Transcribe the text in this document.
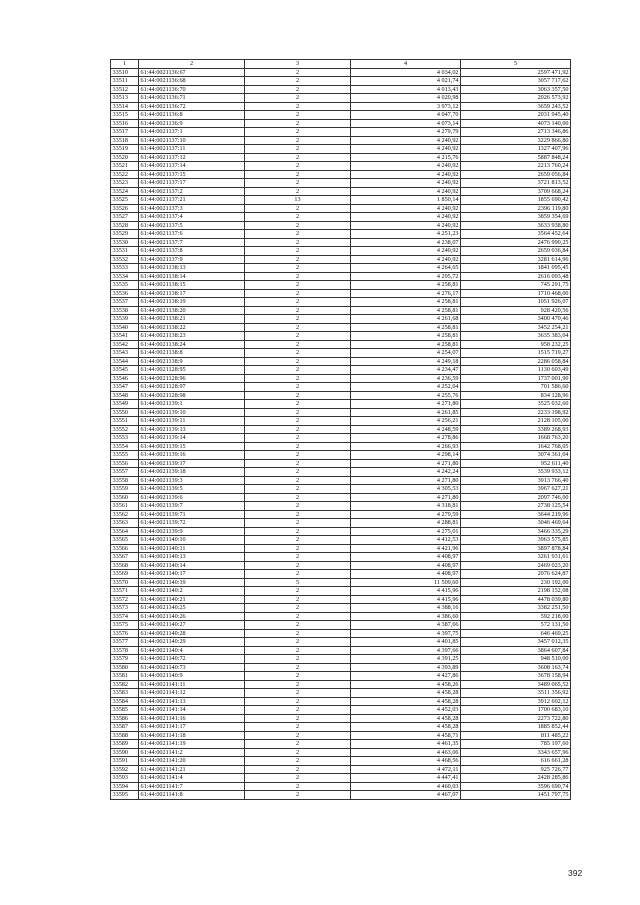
1	2	3	4	5
33510	61:44:0021136:67	2	4 034,02	2597 471,92
33511	61:44:0021136:68	2	4 021,74	3057 717,62
33512	61:44:0021136:70	2	4 013,43	3063 357,50
33513	61:44:0021136:71	2	4 020,98	2026 573,92
33514	61:44:0021136:72	2	3 973,12	3659 243,52
33515	61:44:0021136:8	2	4 047,70	2031 945,40
33516	61:44:0021136:9	2	4 073,14	4073 140,00
33517	61:44:0021137:1	2	4 279,79	2713 346,86
33518	61:44:0021137:10	2	4 240,92	3229 866,80
33519	61:44:0021137:11	2	4 240,92	1327 407,96
33520	61:44:0021137:12	2	4 215,76	5887 848,24
33521	61:44:0021137:14	2	4 240,92	2213 760,24
33522	61:44:0021137:15	2	4 240,92	2659 056,84
33523	61:44:0021137:17	2	4 240,92	3721 813,52
33524	61:44:0021137:2	2	4 240,92	3709 668,24
33525	61:44:0021137:21	13	1 850,14	1855 690,42
33526	61:44:0021137:3	2	4 240,92	2396 119,80
33527	61:44:0021137:4	2	4 240,92	3859 354,69
33528	61:44:0021137:5	2	4 240,92	3633 938,80
33529	61:44:0021137:6	2	4 251,23	3564 452,64
33530	61:44:0021137:7	2	4 238,07	2476 990,25
33531	61:44:0021137:8	2	4 240,92	2659 036,84
33532	61:44:0021137:9	2	4 240,92	3281 614,96
33533	61:44:0021138:13	2	4 264,65	1841 095,45
33534	61:44:0021138:14	2	4 295,72	2616 093,48
33535	61:44:0021138:15	2	4 258,81	745 291,75
33536	61:44:0021138:17	2	4 276,17	1710 468,00
33537	61:44:0021138:19	2	4 258,81	1051 926,07
33538	61:44:0021138:20	2	4 258,81	928 420,56
33539	61:44:0021138:21	2	4 261,68	3400 470,46
33540	61:44:0021138:22	2	4 258,81	3452 254,21
33541	61:44:0021138:23	2	4 258,81	3635 383,04
33542	61:44:0021138:24	2	4 258,81	958 232,25
33543	61:44:0021138:8	2	4 254,07	1515 719,27
33544	61:44:0021138:9	2	4 249,18	2286 058,84
33545	61:44:0021128:95	2	4 234,47	1130 603,49
33546	61:44:0021128:96	2	4 236,59	1737 001,90
33547	61:44:0021128:97	2	4 252,04	701 586,60
33548	61:44:0021128:98	2	4 255,76	834 128,96
33549	61:44:0021139:1	2	4 271,80	3525 032,60
33550	61:44:0021139:10	2	4 261,85	2233 198,92
33551	61:44:0021139:11	2	4 256,21	2128 105,00
33552	61:44:0021139:13	2	4 248,59	3389 268,93
33553	61:44:0021139:14	2	4 278,86	1668 763,20
33554	61:44:0021139:15	2	4 266,93	1642 768,05
33555	61:44:0021139:16	2	4 298,14	3074 361,04
33556	61:44:0021139:17	2	4 271,80	952 611,40
33557	61:44:0021139:18	2	4 242,24	3539 933,12
33558	61:44:0021139:3	2	4 271,80	3913 766,40
33559	61:44:0021139:5	2	4 305,53	3967 627,21
33560	61:44:0021139:6	2	4 271,80	2097 746,00
33561	61:44:0021139:7	2	4 318,81	2738 125,54
33562	61:44:0021139:71	2	4 279,59	3644 219,96
33563	61:44:0021139:72	2	4 288,81	3046 469,64
33564	61:44:0021139:9	2	4 275,01	3466 335,29
33565	61:44:0021140:10	2	4 412,53	3963 575,85
33566	61:44:0021140:11	2	4 421,96	3897 878,84
33567	61:44:0021140:13	2	4 408,97	3261 931,61
33568	61:44:0021140:14	2	4 408,97	2469 023,20
33569	61:44:0021140:17	2	4 408,97	2076 624,87
33570	61:44:0021140:19	5	11 509,60	230 192,00
33571	61:44:0021140:2	2	4 415,96	2198 152,08
33572	61:44:0021140:21	2	4 415,96	4478 039,80
33573	61:44:0021140:25	2	4 388,16	3382 251,50
33574	61:44:0021140:26	2	4 386,60	592 218,00
33575	61:44:0021140:27	2	4 387,66	572 131,50
33576	61:44:0021140:28	2	4 397,75	646 469,25
33577	61:44:0021140:29	2	4 401,85	3457 012,35
33578	61:44:0021140:4	2	4 397,66	3864 607,84
33579	61:44:0021140:72	2	4 391,25	948 510,00
33580	61:44:0021140:73	2	4 393,89	3608 163,74
33581	61:44:0021140:9	2	4 427,86	3678 158,94
33582	61:44:0021141:11	2	4 458,26	3489 065,52
33583	61:44:0021141:12	2	4 458,28	3511 356,92
33584	61:44:0021141:13	2	4 458,28	3912 602,12
33585	61:44:0021141:14	2	4 452,03	1700 683,10
33586	61:44:0021141:16	2	4 458,28	2273 722,80
33587	61:44:0021141:17	2	4 458,28	1885 852,44
33588	61:44:0021141:18	2	4 458,71	811 485,22
33589	61:44:0021141:19	2	4 461,35	785 197,60
33590	61:44:0021141:2	2	4 463,06	3343 657,96
33591	61:44:0021141:20	2	4 468,56	616 661,28
33592	61:44:0021141:21	2	4 472,11	925 726,77
33593	61:44:0021141:4	2	4 447,41	2428 285,86
33594	61:44:0021141:7	2	4 460,03	3596 690,74
33595	61:44:0021141:8	2	4 467,07	1451 797,75
392
